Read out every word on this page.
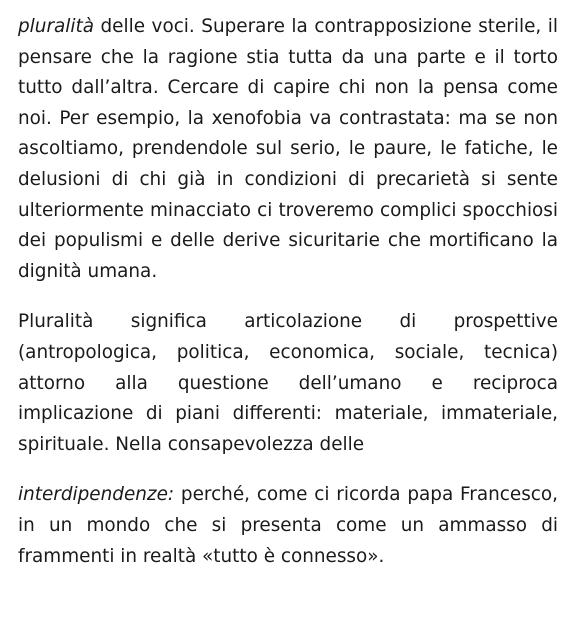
pluralità delle voci. Superare la contrapposizione sterile, il pensare che la ragione stia tutta da una parte e il torto tutto dall’altra. Cercare di capire chi non la pensa come noi. Per esempio, la xenofobia va contrastata: ma se non ascoltiamo, prendendole sul serio, le paure, le fatiche, le delusioni di chi già in condizioni di precarietà si sente ulteriormente minacciato ci troveremo complici spocchiosi dei populismi e delle derive sicuritarie che mortificano la dignità umana.

Pluralità significa articolazione di prospettive (antropologica, politica, economica, sociale, tecnica) attorno alla questione dell’umano e reciproca implicazione di piani differenti: materiale, immateriale, spirituale. Nella consapevolezza delle

interdipendenze: perché, come ci ricorda papa Francesco, in un mondo che si presenta come un ammasso di frammenti in realtà «tutto è connesso».
